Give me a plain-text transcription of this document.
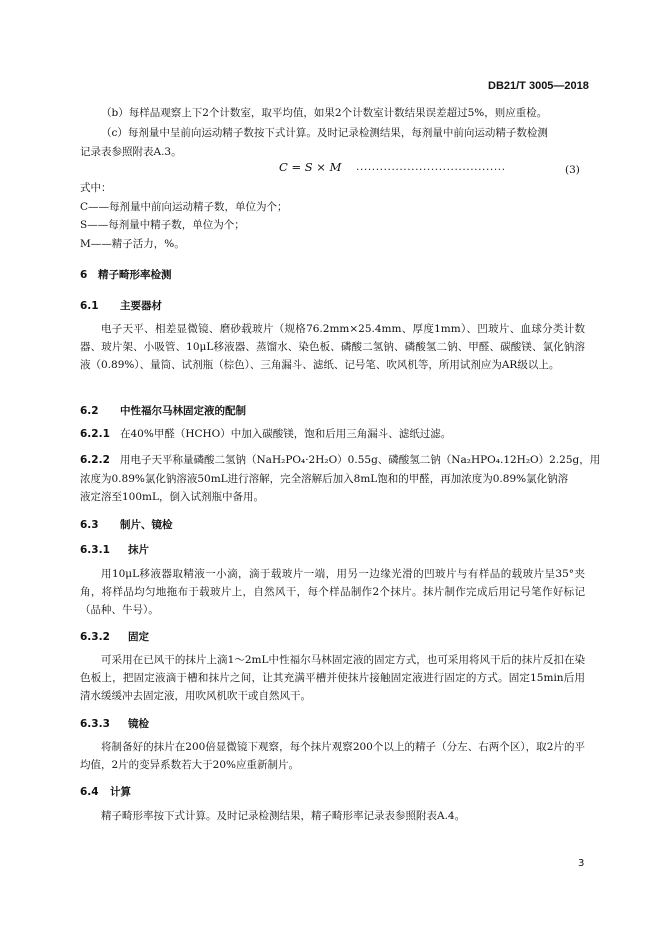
DB21/T 3005—2018
（b）每样品观察上下2个计数室，取平均值，如果2个计数室计数结果误差超过5%，则应重检。
（c）每剂量中呈前向运动精子数按下式计算。及时记录检测结果，每剂量中前向运动精子数检测
记录表参照附表A.3。
C = S × M ......................................	(3)
式中：
C——每剂量中前向运动精子数，单位为个；
S——每剂量中精子数，单位为个；
M——精子活力，%。
6 精子畸形率检测
6.1 主要器材
电子天平、相差显微镜、磨砂载玻片（规格76.2mm×25.4mm、厚度1mm）、凹玻片、血球分类计数器、玻片架、小吸管、10μL移液器、蒸馏水、染色板、磷酸二氢钠、磷酸氢二钠、甲醛、碳酸镁、氯化钠溶液（0.89%）、量筒、试剂瓶（棕色）、三角漏斗、滤纸、记号笔、吹风机等，所用试剂应为AR级以上。
6.2 中性福尔马林固定液的配制
6.2.1 在40%甲醛（HCHO）中加入碳酸镁，饱和后用三角漏斗、滤纸过滤。
6.2.2 用电子天平称量磷酸二氢钠（NaH₂PO₄·2H₂O）0.55g、磷酸氢二钠（Na₂HPO₄.12H₂O）2.25g，用
浓度为0.89%氯化钠溶液50mL进行溶解，完全溶解后加入8mL饱和的甲醛，再加浓度为0.89%氯化钠溶
液定溶至100mL，倒入试剂瓶中备用。
6.3 制片、镜检
6.3.1 抹片
用10μL移液器取精液一小滴，滴于载玻片一端，用另一边缘光滑的凹玻片与有样品的载玻片呈35°夹角，将样品均匀地拖布于载玻片上，自然风干，每个样品制作2个抹片。抹片制作完成后用记号笔作好标记（品种、牛号）。
6.3.2 固定
可采用在已风干的抹片上滴1～2mL中性福尔马林固定液的固定方式，也可采用将风干后的抹片反扣在染色板上，把固定液滴于槽和抹片之间，让其充满平槽并使抹片接触固定液进行固定的方式。固定15min后用清水缓缓冲去固定液，用吹风机吹干或自然风干。
6.3.3 镜检
将制备好的抹片在200倍显微镜下观察，每个抹片观察200个以上的精子（分左、右两个区），取2片的平均值，2片的变异系数若大于20%应重新制片。
6.4 计算
精子畸形率按下式计算。及时记录检测结果，精子畸形率记录表参照附表A.4。
3
